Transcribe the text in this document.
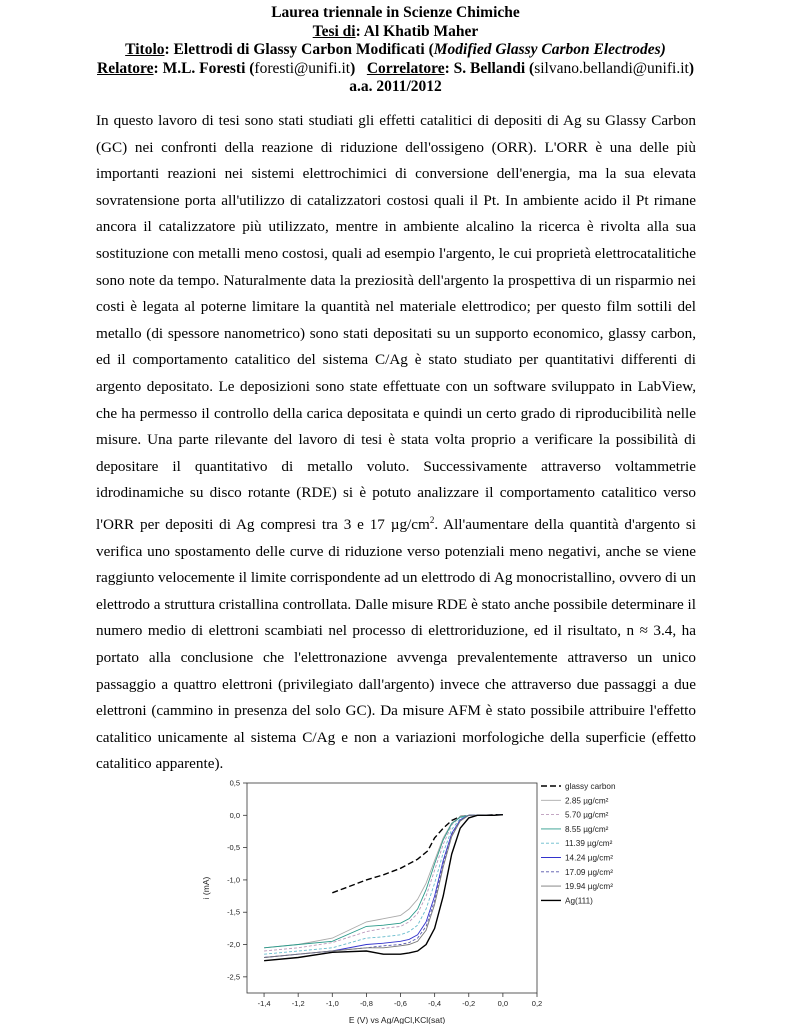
Laurea triennale in Scienze Chimiche
Tesi di: Al Khatib Maher
Titolo: Elettrodi di Glassy Carbon Modificati (Modified Glassy Carbon Electrodes)
Relatore: M.L. Foresti (foresti@unifi.it) Correlatore: S. Bellandi (silvano.bellandi@unifi.it)
a.a. 2011/2012
In questo lavoro di tesi sono stati studiati gli effetti catalitici di depositi di Ag su Glassy Carbon (GC) nei confronti della reazione di riduzione dell'ossigeno (ORR). L'ORR è una delle più importanti reazioni nei sistemi elettrochimici di conversione dell'energia, ma la sua elevata sovratensione porta all'utilizzo di catalizzatori costosi quali il Pt. In ambiente acido il Pt rimane ancora il catalizzatore più utilizzato, mentre in ambiente alcalino la ricerca è rivolta alla sua sostituzione con metalli meno costosi, quali ad esempio l'argento, le cui proprietà elettrocatalitiche sono note da tempo. Naturalmente data la preziosità dell'argento la prospettiva di un risparmio nei costi è legata al poterne limitare la quantità nel materiale elettrodico; per questo film sottili del metallo (di spessore nanometrico) sono stati depositati su un supporto economico, glassy carbon, ed il comportamento catalitico del sistema C/Ag è stato studiato per quantitativi differenti di argento depositato. Le deposizioni sono state effettuate con un software sviluppato in LabView, che ha permesso il controllo della carica depositata e quindi un certo grado di riproducibilità nelle misure. Una parte rilevante del lavoro di tesi è stata volta proprio a verificare la possibilità di depositare il quantitativo di metallo voluto. Successivamente attraverso voltammetrie idrodinamiche su disco rotante (RDE) si è potuto analizzare il comportamento catalitico verso l'ORR per depositi di Ag compresi tra 3 e 17 $\mu g/cm^2$. All'aumentare della quantità d'argento si verifica uno spostamento delle curve di riduzione verso potenziali meno negativi, anche se viene raggiunto velocemente il limite corrispondente ad un elettrodo di Ag monocristallino, ovvero di un elettrodo a struttura cristallina controllata. Dalle misure RDE è stato anche possibile determinare il numero medio di elettroni scambiati nel processo di elettroriduzione, ed il risultato, n ≈ 3.4, ha portato alla conclusione che l'elettronazione avvenga prevalentemente attraverso un unico passaggio a quattro elettroni (privilegiato dall'argento) invece che attraverso due passaggi a due elettroni (cammino in presenza del solo GC). Da misure AFM è stato possibile attribuire l'effetto catalitico unicamente al sistema C/Ag e non a variazioni morfologiche della superficie (effetto catalitico apparente).
-1,4	-1,2	-1,0	-0,8	-0,6	-0,4	-0,2	0,0	0,2
0,5
0,0
-0,5
-1,0
-1,5
-2,0
-2,5
E (V) vs Ag/AgCl,KCl(sat)
i (mA)
glassy carbon
2.85 µg/cm²
5.70 µg/cm²
8.55 µg/cm²
11.39 µg/cm²
14.24 µg/cm²
17.09 µg/cm²
19.94 µg/cm²
Ag(111)
